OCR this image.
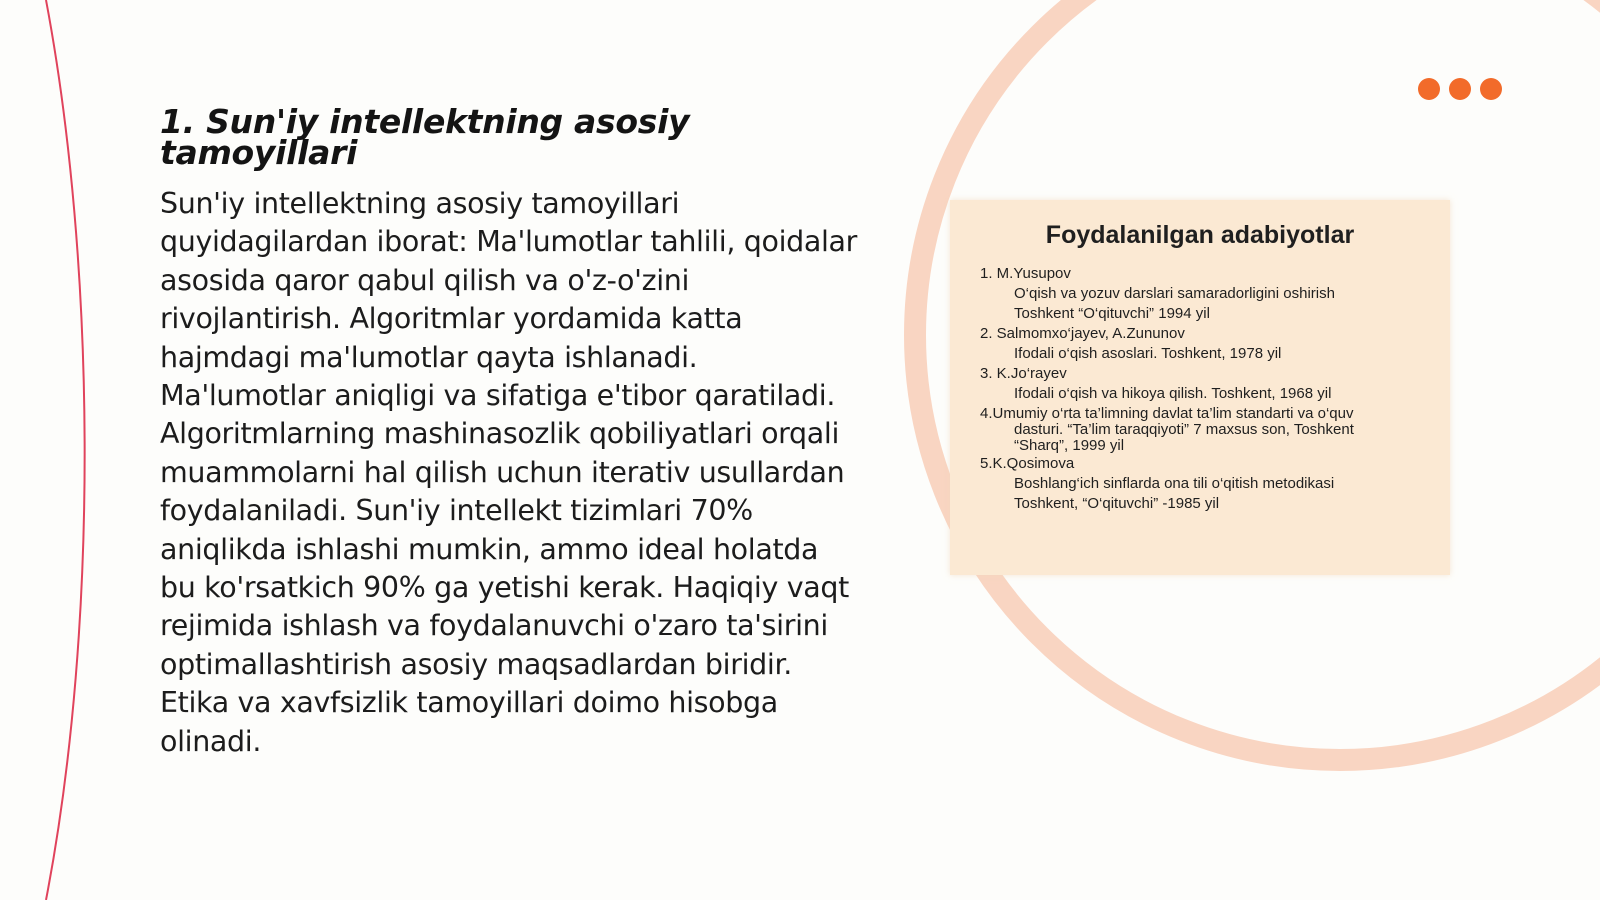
1. Sun'iy intellektning asosiy tamoyillari

Sun'iy intellektning asosiy tamoyillari quyidagilardan iborat: Ma'lumotlar tahlili, qoidalar asosida qaror qabul qilish va o'z-o'zini rivojlantirish. Algoritmlar yordamida katta hajmdagi ma'lumotlar qayta ishlanadi. Ma'lumotlar aniqligi va sifatiga e'tibor qaratiladi. Algoritmlarning mashinasozlik qobiliyatlari orqali muammolarni hal qilish uchun iterativ usullardan foydalaniladi. Sun'iy intellekt tizimlari 70% aniqlikda ishlashi mumkin, ammo ideal holatda bu ko'rsatkich 90% ga yetishi kerak. Haqiqiy vaqt rejimida ishlash va foydalanuvchi o'zaro ta'sirini optimallashtirish asosiy maqsadlardan biridir. Etika va xavfsizlik tamoyillari doimo hisobga olinadi.

Foydalanilgan adabiyotlar
1. M.Yusupov
O‘qish va yozuv darslari samaradorligini oshirish
Toshkent “O‘qituvchi” 1994 yil
2. Salmomxo‘jayev, A.Zununov
Ifodali o‘qish asoslari. Toshkent, 1978 yil
3. K.Jo‘rayev
Ifodali o‘qish va hikoya qilish. Toshkent, 1968 yil
4.Umumiy o‘rta ta’limning davlat ta’lim standarti va o‘quv
dasturi. “Ta’lim taraqqiyoti” 7 maxsus son, Toshkent
“Sharq”, 1999 yil
5.K.Qosimova
Boshlang‘ich sinflarda ona tili o‘qitish metodikasi
Toshkent, “O‘qituvchi” -1985 yil
